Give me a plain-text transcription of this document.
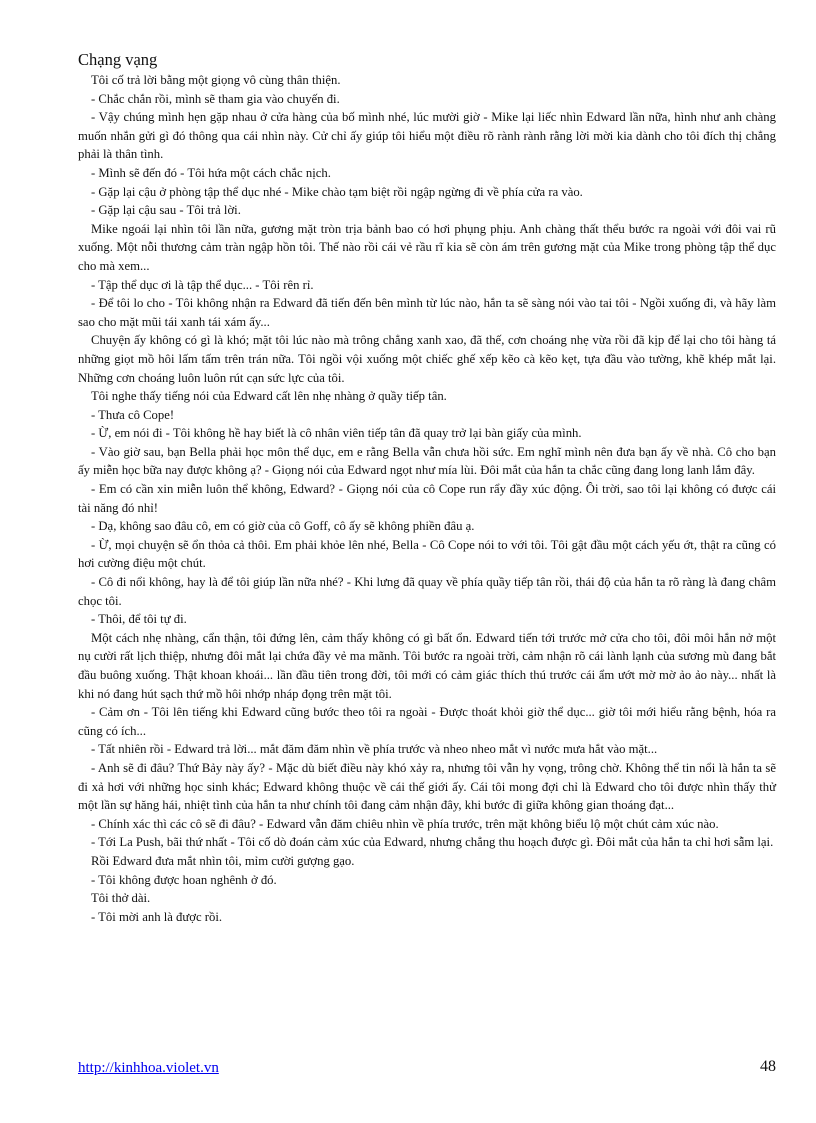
Chạng vạng

Tôi cố trả lời bằng một giọng vô cùng thân thiện.

- Chắc chắn rồi, mình sẽ tham gia vào chuyến đi.

- Vậy chúng mình hẹn gặp nhau ở cửa hàng của bố mình nhé, lúc mười giờ - Mike lại liếc nhìn Edward lần nữa, hình như anh chàng muốn nhắn gửi gì đó thông qua cái nhìn này. Cử chỉ ấy giúp tôi hiểu một điều rõ rành rành rằng lời mời kia dành cho tôi đích thị chẳng phải là thân tình.

- Mình sẽ đến đó - Tôi hứa một cách chắc nịch.

- Gặp lại cậu ở phòng tập thể dục nhé - Mike chào tạm biệt rồi ngập ngừng đi về phía cửa ra vào.

- Gặp lại cậu sau - Tôi trả lời.

Mike ngoái lại nhìn tôi lần nữa, gương mặt tròn trịa bảnh bao có hơi phụng phịu. Anh chàng thất thểu bước ra ngoài với đôi vai rũ xuống. Một nỗi thương cảm tràn ngập hồn tôi. Thế nào rồi cái vẻ rầu rĩ kia sẽ còn ám trên gương mặt của Mike trong phòng tập thể dục cho mà xem...

- Tập thể dục ơi là tập thể dục... - Tôi rên rỉ.

- Để tôi lo cho - Tôi không nhận ra Edward đã tiến đến bên mình từ lúc nào, hắn ta sẽ sàng nói vào tai tôi - Ngồi xuống đi, và hãy làm sao cho mặt mũi tái xanh tái xám ấy...

Chuyện ấy không có gì là khó; mặt tôi lúc nào mà trông chẳng xanh xao, đã thế, cơn choáng nhẹ vừa rồi đã kịp để lại cho tôi hàng tá những giọt mồ hôi lấm tấm trên trán nữa. Tôi ngồi vội xuống một chiếc ghế xếp kẽo cà kẽo kẹt, tựa đầu vào tường, khẽ khép mắt lại. Những cơn choáng luôn luôn rút cạn sức lực của tôi.

Tôi nghe thấy tiếng nói của Edward cất lên nhẹ nhàng ở quầy tiếp tân.

- Thưa cô Cope!

- Ừ, em nói đi - Tôi không hề hay biết là cô nhân viên tiếp tân đã quay trở lại bàn giấy của mình.

- Vào giờ sau, bạn Bella phải học môn thể dục, em e rằng Bella vẫn chưa hồi sức. Em nghĩ mình nên đưa bạn ấy về nhà. Cô cho bạn ấy miễn học bữa nay được không ạ? - Giọng nói của Edward ngọt như mía lùi. Đôi mắt của hắn ta chắc cũng đang long lanh lắm đây.

- Em có cần xin miễn luôn thể không, Edward? - Giọng nói của cô Cope run rẩy đầy xúc động. Ôi trời, sao tôi lại không có được cái tài năng đó nhỉ!

- Dạ, không sao đâu cô, em có giờ của cô Goff, cô ấy sẽ không phiền đâu ạ.

- Ừ, mọi chuyện sẽ ổn thỏa cả thôi. Em phải khỏe lên nhé, Bella - Cô Cope nói to với tôi. Tôi gật đầu một cách yếu ớt, thật ra cũng có hơi cường điệu một chút.

- Cô đi nổi không, hay là để tôi giúp lần nữa nhé? - Khi lưng đã quay về phía quầy tiếp tân rồi, thái độ của hắn ta rõ ràng là đang châm chọc tôi.

- Thôi, để tôi tự đi.

Một cách nhẹ nhàng, cẩn thận, tôi đứng lên, cảm thấy không có gì bất ổn. Edward tiến tới trước mở cửa cho tôi, đôi môi hắn nở một nụ cười rất lịch thiệp, nhưng đôi mắt lại chứa đầy vẻ ma mãnh. Tôi bước ra ngoài trời, cảm nhận rõ cái lành lạnh của sương mù đang bắt đầu buông xuống. Thật khoan khoái... lần đầu tiên trong đời, tôi mới có cảm giác thích thú trước cái ẩm ướt mờ mờ ảo ảo này... nhất là khi nó đang hút sạch thứ mồ hôi nhớp nháp đọng trên mặt tôi.

- Cảm ơn - Tôi lên tiếng khi Edward cũng bước theo tôi ra ngoài - Được thoát khỏi giờ thể dục... giờ tôi mới hiểu rằng bệnh, hóa ra cũng có ích...

- Tất nhiên rồi - Edward trả lời... mắt đăm đăm nhìn về phía trước và nheo nheo mắt vì nước mưa hắt vào mặt...

- Anh sẽ đi đâu? Thứ Bảy này ấy? - Mặc dù biết điều này khó xảy ra, nhưng tôi vẫn hy vọng, trông chờ. Không thể tin nổi là hắn ta sẽ đi xả hơi với những học sinh khác; Edward không thuộc về cái thế giới ấy. Cái tôi mong đợi chỉ là Edward cho tôi được nhìn thấy thử một lần sự hăng hái, nhiệt tình của hắn ta như chính tôi đang cảm nhận đây, khi bước đi giữa không gian thoáng đạt...

- Chính xác thì các cô sẽ đi đâu? - Edward vẫn đăm chiêu nhìn về phía trước, trên mặt không biểu lộ một chút cảm xúc nào.

- Tới La Push, bãi thứ nhất - Tôi cố dò đoán cảm xúc của Edward, nhưng chẳng thu hoạch được gì. Đôi mắt của hắn ta chỉ hơi sẫm lại.

Rồi Edward đưa mắt nhìn tôi, mỉm cười gượng gạo.

- Tôi không được hoan nghênh ở đó.

Tôi thở dài.

- Tôi mời anh là được rồi.

http://kinhhoa.violet.vn	48
